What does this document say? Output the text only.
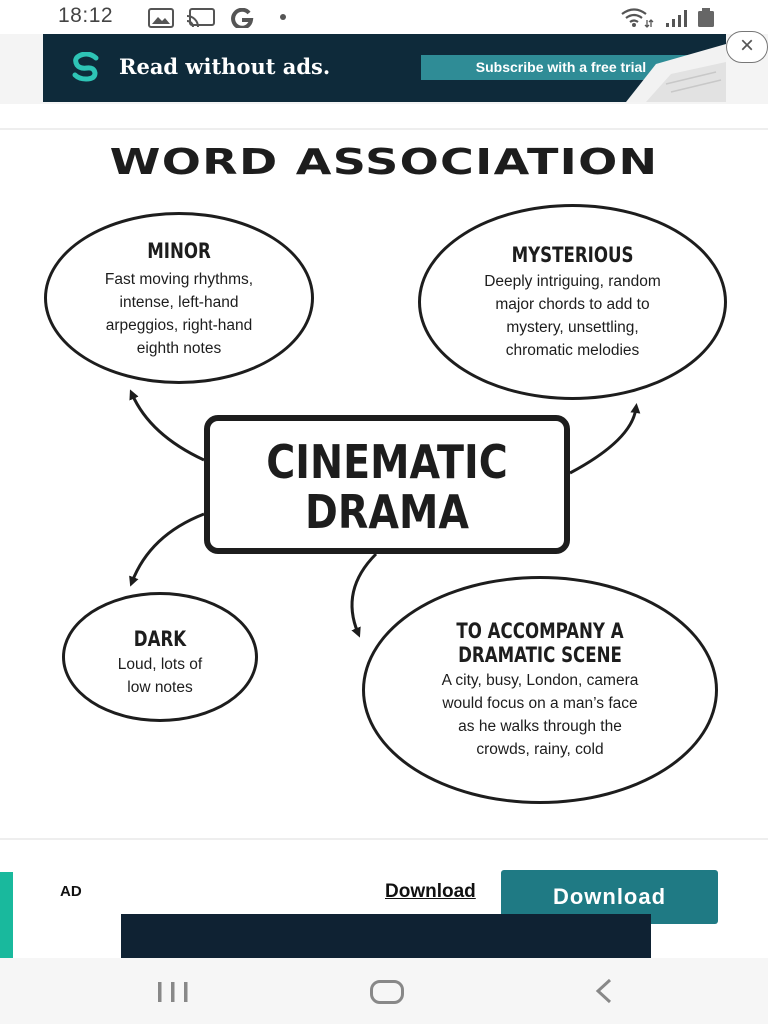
18:12
Read without ads.	Subscribe with a free trial
×
WORD ASSOCIATION
MINOR
Fast moving rhythms,
intense, left-hand
arpeggios, right-hand
eighth notes
MYSTERIOUS
Deeply intriguing, random
major chords to add to
mystery, unsettling,
chromatic melodies
CINEMATIC
DRAMA
DARK
Loud, lots of
low notes
TO ACCOMPANY A
DRAMATIC SCENE
A city, busy, London, camera
would focus on a man’s face
as he walks through the
crowds, rainy, cold
AD	Download	Download
